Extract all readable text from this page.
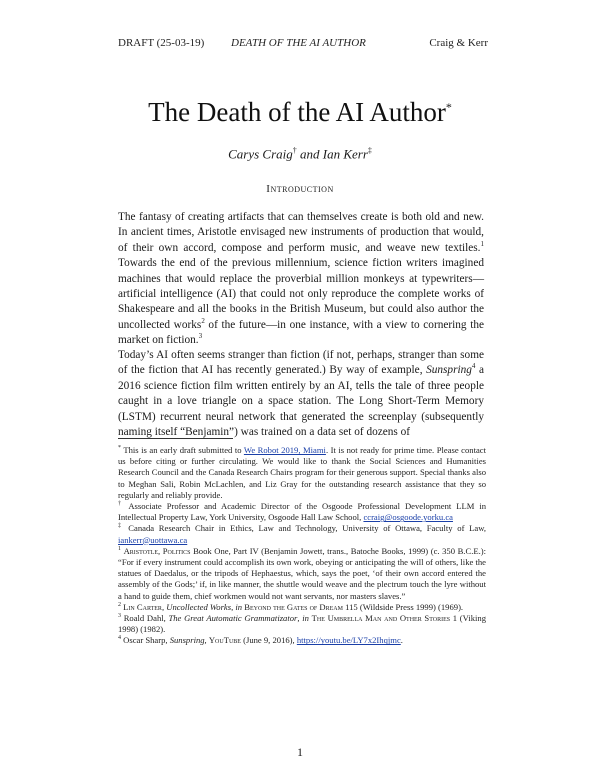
DRAFT (25-03-19) DEATH OF THE AI AUTHOR	Craig & Kerr
The Death of the AI Author*
Carys Craig† and Ian Kerr‡
Introduction
The fantasy of creating artifacts that can themselves create is both old and new. In ancient times, Aristotle envisaged new instruments of production that would, of their own accord, compose and perform music, and weave new textiles.$^1$ Towards the end of the previous millennium, science fiction writers imagined machines that would replace the proverbial million monkeys at typewriters—artificial intelligence (AI) that could not only reproduce the complete works of Shakespeare and all the books in the British Museum, but could also author the uncollected works$^2$ of the future—in one instance, with a view to cornering the market on fiction.$^3$
Today’s AI often seems stranger than fiction (if not, perhaps, stranger than some of the fiction that AI has recently generated.) By way of example, Sunspring$^4$ a 2016 science fiction film written entirely by an AI, tells the tale of three people caught in a love triangle on a space station. The Long Short-Term Memory (LSTM) recurrent neural network that generated the screenplay (subsequently naming itself “Benjamin”) was trained on a data set of dozens of

* This is an early draft submitted to We Robot 2019, Miami. It is not ready for prime time. Please contact us before citing or further circulating. We would like to thank the Social Sciences and Humanities Research Council and the Canada Research Chairs program for their generous support. Special thanks also to Meghan Sali, Robin McLachlen, and Liz Gray for the outstanding research assistance that they so regularly and reliably provide.

† Associate Professor and Academic Director of the Osgoode Professional Development LLM in Intellectual Property Law, York University, Osgoode Hall Law School, ccraig@osgoode.yorku.ca

‡ Canada Research Chair in Ethics, Law and Technology, University of Ottawa, Faculty of Law, iankerr@uottawa.ca

$^1$ Aristotle, Politics Book One, Part IV (Benjamin Jowett, trans., Batoche Books, 1999) (c. 350 B.C.E.): “For if every instrument could accomplish its own work, obeying or anticipating the will of others, like the statues of Daedalus, or the tripods of Hephaestus, which, says the poet, ‘of their own accord entered the assembly of the Gods;’ if, in like manner, the shuttle would weave and the plectrum touch the lyre without a hand to guide them, chief workmen would not want servants, nor masters slaves.”

$^2$ Lin Carter, Uncollected Works, in Beyond the Gates of Dream 115 (Wildside Press 1999) (1969).

$^3$ Roald Dahl, The Great Automatic Grammatizator, in The Umbrella Man and Other Stories 1 (Viking 1998) (1982).

$^4$ Oscar Sharp, Sunspring, YouTube (June 9, 2016), https://youtu.be/LY7x2Ihqjmc.

1
